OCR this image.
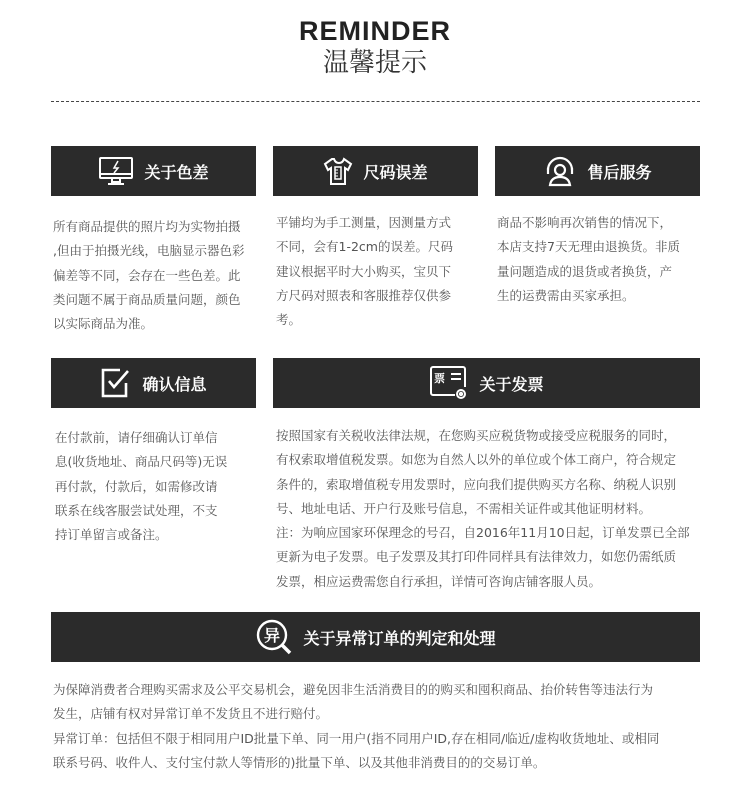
REMINDER
温馨提示
关于色差
所有商品提供的照片均为实物拍摄
,但由于拍摄光线，电脑显示器色彩
偏差等不同，会存在一些色差。此
类问题不属于商品质量问题，颜色
以实际商品为准。
尺码误差
平铺均为手工测量，因测量方式
不同，会有1-2cm的误差。尺码
建议根据平时大小购买，宝贝下
方尺码对照表和客服推荐仅供参
考。
售后服务
商品不影响再次销售的情况下，
本店支持7天无理由退换货。非质
量问题造成的退货或者换货，产
生的运费需由买家承担。
确认信息
在付款前，请仔细确认订单信
息(收货地址、商品尺码等)无误
再付款，付款后，如需修改请
联系在线客服尝试处理，不支
持订单留言或备注。
票 关于发票
按照国家有关税收法律法规，在您购买应税货物或接受应税服务的同时，
有权索取增值税发票。如您为自然人以外的单位或个体工商户，符合规定
条件的，索取增值税专用发票时，应向我们提供购买方名称、纳税人识别
号、地址电话、开户行及账号信息，不需相关证件或其他证明材料。
注：为响应国家环保理念的号召，自2016年11月10日起，订单发票已全部
更新为电子发票。电子发票及其打印件同样具有法律效力，如您仍需纸质
发票，相应运费需您自行承担，详情可咨询店铺客服人员。
异 关于异常订单的判定和处理
为保障消费者合理购买需求及公平交易机会，避免因非生活消费目的的购买和囤积商品、抬价转售等违法行为
发生，店铺有权对异常订单不发货且不进行赔付。
异常订单：包括但不限于相同用户ID批量下单、同一用户(指不同用户ID,存在相同/临近/虚构收货地址、或相同
联系号码、收件人、支付宝付款人等情形的)批量下单、以及其他非消费目的的交易订单。
